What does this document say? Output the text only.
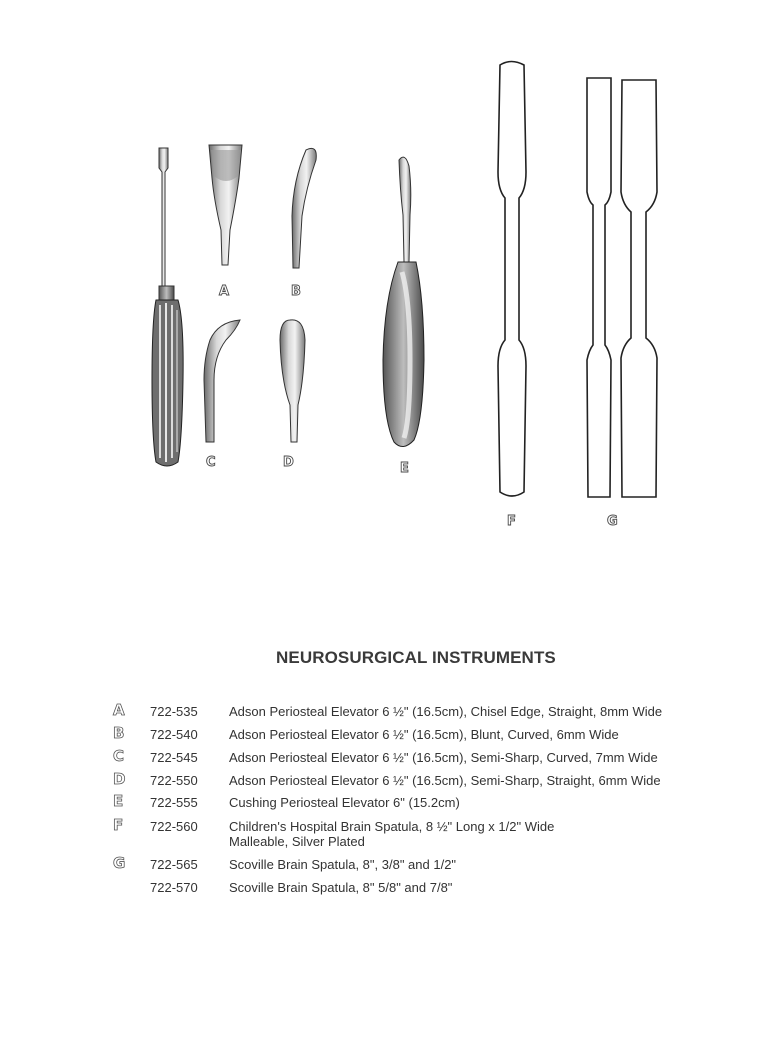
A	B
C	D	E
F	G
NEUROSURGICAL INSTRUMENTS
A 722-535 Adson Periosteal Elevator 6 ½" (16.5cm), Chisel Edge, Straight, 8mm Wide
B 722-540 Adson Periosteal Elevator 6 ½" (16.5cm), Blunt, Curved, 6mm Wide
C 722-545 Adson Periosteal Elevator 6 ½" (16.5cm), Semi-Sharp, Curved, 7mm Wide
D 722-550 Adson Periosteal Elevator 6 ½" (16.5cm), Semi-Sharp, Straight, 6mm Wide
E 722-555 Cushing Periosteal Elevator 6" (15.2cm)
F 722-560 Children's Hospital Brain Spatula, 8 ½" Long x 1/2" Wide
Malleable, Silver Plated
G 722-565 Scoville Brain Spatula, 8", 3/8" and 1/2"
722-570 Scoville Brain Spatula, 8" 5/8" and 7/8"
